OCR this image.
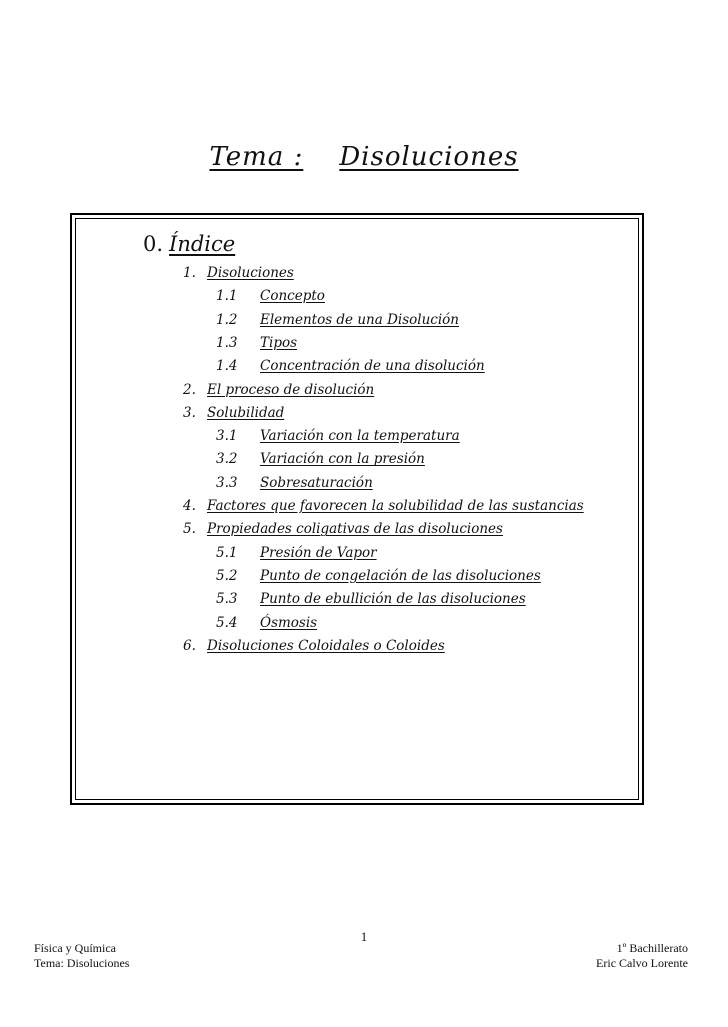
Tema : Disoluciones
0. Índice
1. Disoluciones
1.1 Concepto
1.2 Elementos de una Disolución
1.3 Tipos
1.4 Concentración de una disolución
2. El proceso de disolución
3. Solubilidad
3.1 Variación con la temperatura
3.2 Variación con la presión
3.3 Sobresaturación
4. Factores que favorecen la solubilidad de las sustancias
5. Propiedades coligativas de las disoluciones
5.1 Presión de Vapor
5.2 Punto de congelación de las disoluciones
5.3 Punto de ebullición de las disoluciones
5.4 Ósmosis
6. Disoluciones Coloidales o Coloides
1
Física y Química
Tema: Disoluciones
1º Bachillerato
Eric Calvo Lorente
